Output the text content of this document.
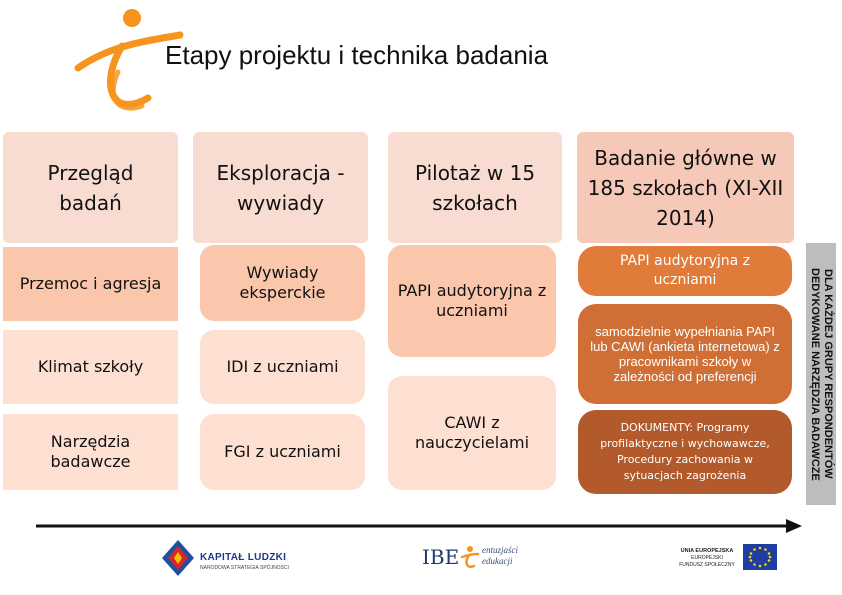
Etapy projektu i technika badania
Przegląd badań
Eksploracja - wywiady
Pilotaż w 15 szkołach
Badanie główne w 185 szkołach (XI-XII 2014)
Przemoc i agresja
Klimat szkoły
Narzędzia badawcze
Wywiady eksperckie
IDI z uczniami
FGI z uczniami
PAPI audytoryjna z uczniami
CAWI z nauczycielami
PAPI audytoryjna z uczniami
samodzielnie wypełniania PAPI lub CAWI (ankieta internetowa) z pracownikami szkoły w zależności od preferencji
DOKUMENTY: Programy profilaktyczne i wychowawcze, Procedury zachowania w sytuacjach zagrożenia	DLA KAŻDEJ GRUPY RESPONDENTÓW DEDYKOWANE NARZĘDZIA BADAWCZE
KAPITAŁ LUDZKI
NARODOWA STRATEGIA SPÓJNOŚCI	IBE	entuzjaści
edukacji
UNIA EUROPEJSKA
EUROPEJSKI
FUNDUSZ SPOŁECZNY
